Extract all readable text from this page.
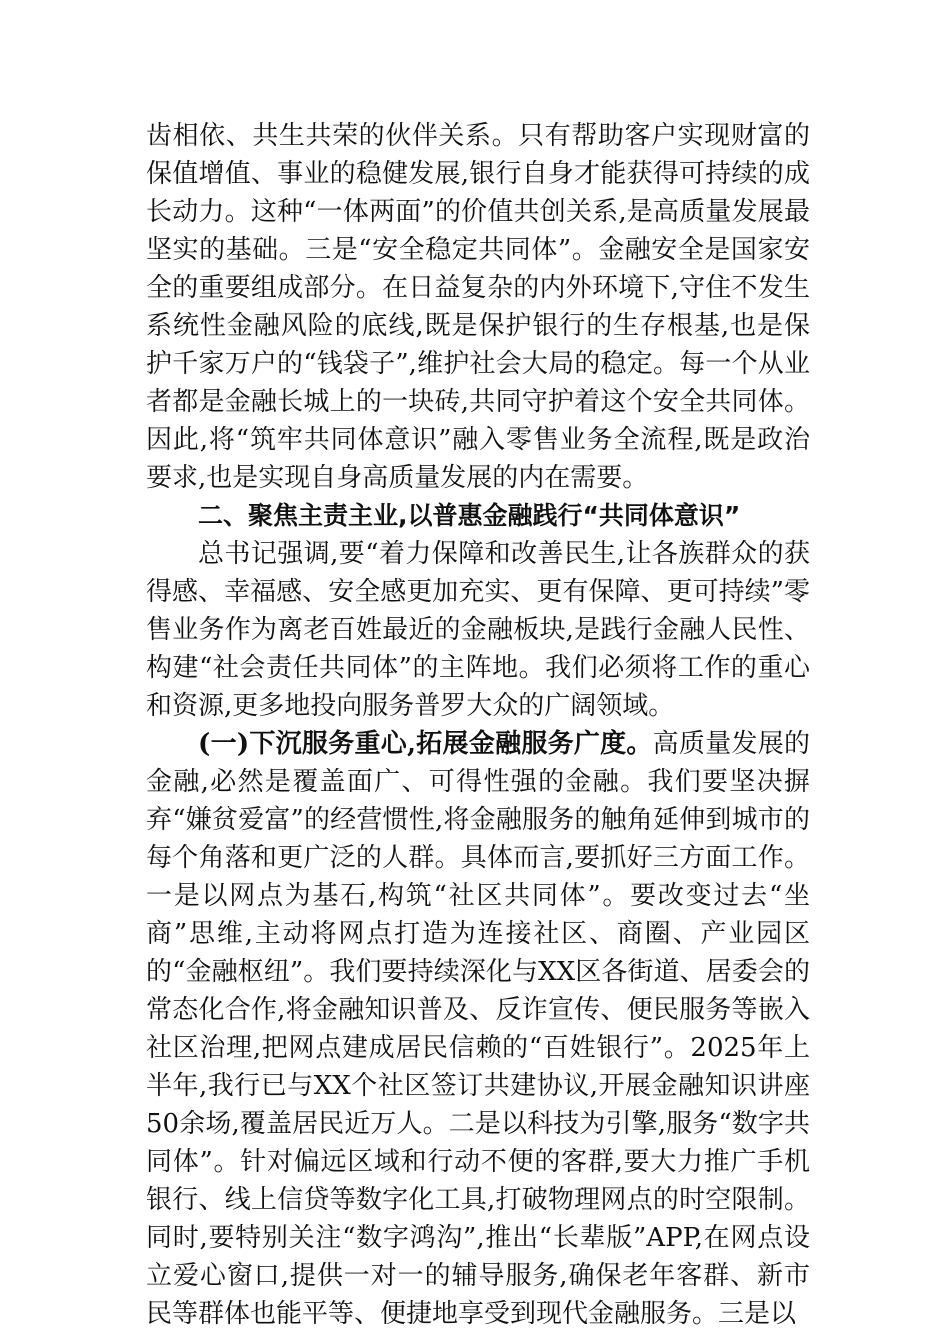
齿相依、共生共荣的伙伴关系。只有帮助客户实现财富的保值增值、事业的稳健发展,银行自身才能获得可持续的成长动力。这种“一体两面”的价值共创关系,是高质量发展最坚实的基础。三是“安全稳定共同体”。金融安全是国家安全的重要组成部分。在日益复杂的内外环境下,守住不发生系统性金融风险的底线,既是保护银行的生存根基,也是保护千家万户的“钱袋子”,维护社会大局的稳定。每一个从业者都是金融长城上的一块砖,共同守护着这个安全共同体。因此,将“筑牢共同体意识”融入零售业务全流程,既是政治要求,也是实现自身高质量发展的内在需要。

二、聚焦主责主业,以普惠金融践行“共同体意识”

总书记强调,要“着力保障和改善民生,让各族群众的获得感、幸福感、安全感更加充实、更有保障、更可持续”零售业务作为离老百姓最近的金融板块,是践行金融人民性、构建“社会责任共同体”的主阵地。我们必须将工作的重心和资源,更多地投向服务普罗大众的广阔领域。

(一)下沉服务重心,拓展金融服务广度。高质量发展的金融,必然是覆盖面广、可得性强的金融。我们要坚决摒弃“嫌贫爱富”的经营惯性,将金融服务的触角延伸到城市的每个角落和更广泛的人群。具体而言,要抓好三方面工作。一是以网点为基石,构筑“社区共同体”。要改变过去“坐商”思维,主动将网点打造为连接社区、商圈、产业园区的“金融枢纽”。我们要持续深化与XX区各街道、居委会的常态化合作,将金融知识普及、反诈宣传、便民服务等嵌入社区治理,把网点建成居民信赖的“百姓银行”。2025年上半年,我行已与XX个社区签订共建协议,开展金融知识讲座50余场,覆盖居民近万人。二是以科技为引擎,服务“数字共同体”。针对偏远区域和行动不便的客群,要大力推广手机银行、线上信贷等数字化工具,打破物理网点的时空限制。同时,要特别关注“数字鸿沟”,推出“长辈版”APP,在网点设立爱心窗口,提供一对一的辅导服务,确保老年客群、新市民等群体也能平等、便捷地享受到现代金融服务。三是以
